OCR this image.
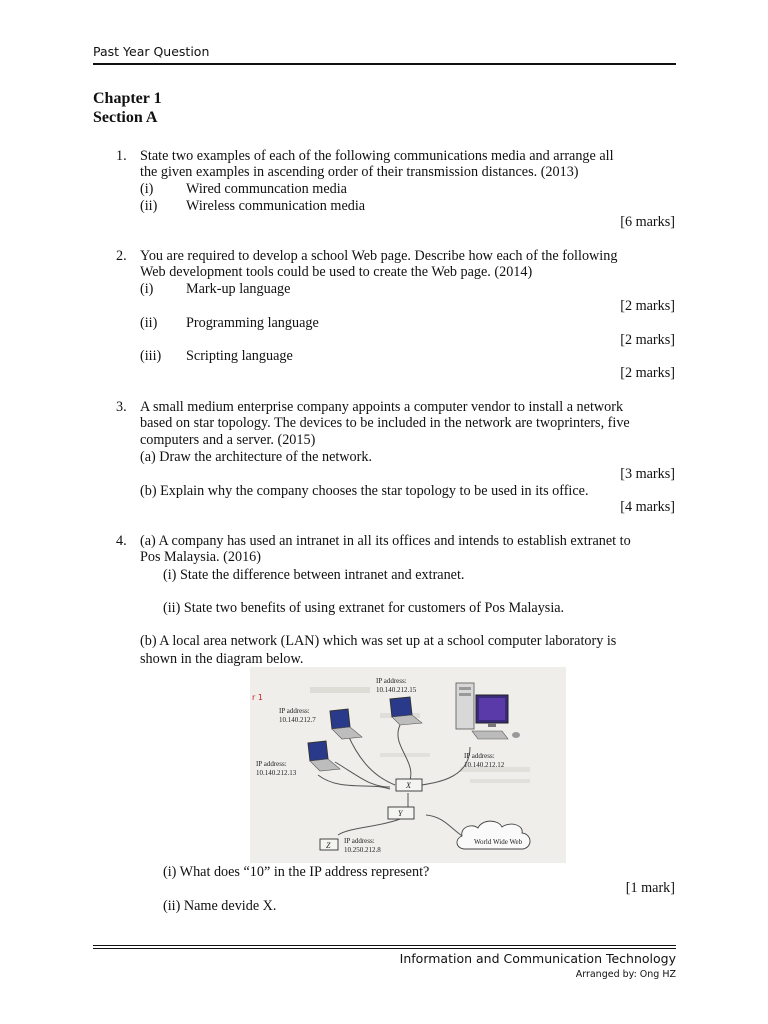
Past Year Question
Chapter 1
Section A
1. State two examples of each of the following communications media and arrange all
the given examples in ascending order of their transmission distances. (2013)
(i) Wired communcation media
(ii) Wireless communication media
[6 marks]
2. You are required to develop a school Web page. Describe how each of the following
Web development tools could be used to create the Web page. (2014)
(i) Mark-up language
[2 marks]
(ii) Programming language
[2 marks]
(iii) Scripting language
[2 marks]
3. A small medium enterprise company appoints a computer vendor to install a network
based on star topology. The devices to be included in the network are twoprinters, five
computers and a server. (2015)
(a) Draw the architecture of the network.
[3 marks]
(b) Explain why the company chooses the star topology to be used in its office.
[4 marks]
4. (a) A company has used an intranet in all its offices and intends to establish extranet to
Pos Malaysia. (2016)
(i) State the difference between intranet and extranet.
(ii) State two benefits of using extranet for customers of Pos Malaysia.
(b) A local area network (LAN) which was set up at a school computer laboratory is
shown in the diagram below.
r 1
X
Y
Z	World Wide Web
IP address:
10.140.212.15
IP address:
10.140.212.7
IP address:
10.140.212.13
IP address:
10.140.212.12
IP address:
10.250.212.8
(i) What does “10” in the IP address represent?
[1 mark]
(ii) Name devide X.
Information and Communication Technology
Arranged by: Ong HZ
